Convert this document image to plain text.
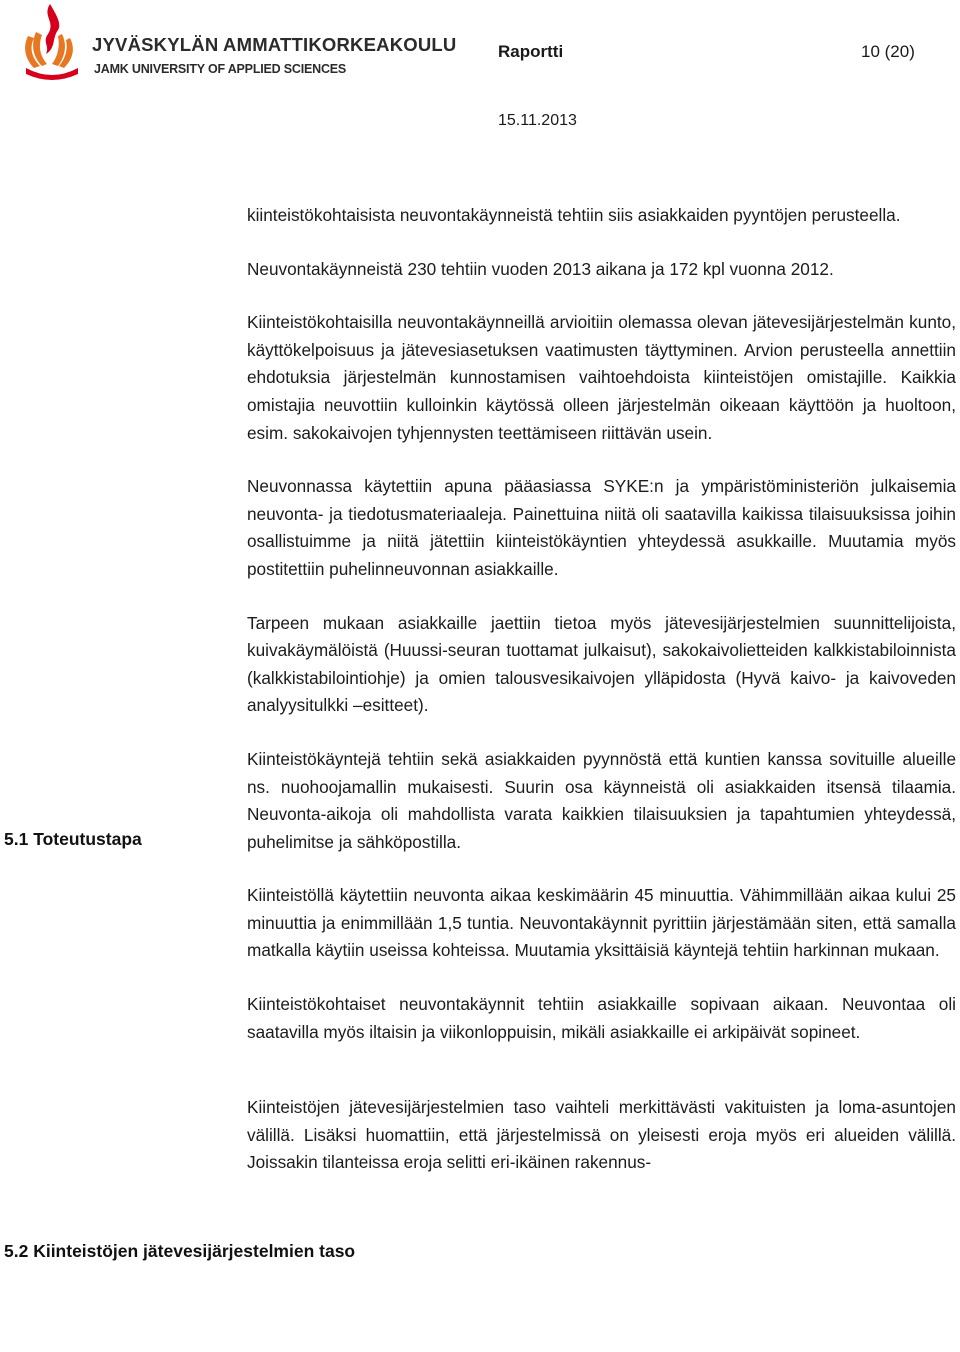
JYVÄSKYLÄN AMMATTIKORKEAKOULU
JAMK UNIVERSITY OF APPLIED SCIENCES
Raportti	10 (20)
15.11.2013
5.1 Toteutustapa
5.2 Kiinteistöjen jätevesijärjestelmien taso

kiinteistökohtaisista neuvontakäynneistä tehtiin siis asiakkaiden pyyntöjen perusteella.

Neuvontakäynneistä 230 tehtiin vuoden 2013 aikana ja 172 kpl vuonna 2012.

Kiinteistökohtaisilla neuvontakäynneillä arvioitiin olemassa olevan jätevesijärjestelmän kunto, käyttökelpoisuus ja jätevesiasetuksen vaatimusten täyttyminen. Arvion perusteella annettiin ehdotuksia järjestelmän kunnostamisen vaihtoehdoista kiinteistöjen omistajille. Kaikkia omistajia neuvottiin kulloinkin käytössä olleen järjestelmän oikeaan käyttöön ja huoltoon, esim. sakokaivojen tyhjennysten teettämiseen riittävän usein.

Neuvonnassa käytettiin apuna pääasiassa SYKE:n ja ympäristöministeriön julkaisemia neuvonta- ja tiedotusmateriaaleja. Painettuina niitä oli saatavilla kaikissa tilaisuuksissa joihin osallistuimme ja niitä jätettiin kiinteistökäyntien yhteydessä asukkaille. Muutamia myös postitettiin puhelinneuvonnan asiakkaille.

Tarpeen mukaan asiakkaille jaettiin tietoa myös jätevesijärjestelmien suunnittelijoista, kuivakäymälöistä (Huussi-seuran tuottamat julkaisut), sakokaivolietteiden kalkkistabiloinnista (kalkkistabilointiohje) ja omien talousvesikaivojen ylläpidosta (Hyvä kaivo- ja kaivoveden analyysitulkki –esitteet).

Kiinteistökäyntejä tehtiin sekä asiakkaiden pyynnöstä että kuntien kanssa sovituille alueille ns. nuohoojamallin mukaisesti. Suurin osa käynneistä oli asiakkaiden itsensä tilaamia. Neuvonta-aikoja oli mahdollista varata kaikkien tilaisuuksien ja tapahtumien yhteydessä, puhelimitse ja sähköpostilla.

Kiinteistöllä käytettiin neuvonta aikaa keskimäärin 45 minuuttia. Vähimmillään aikaa kului 25 minuuttia ja enimmillään 1,5 tuntia. Neuvontakäynnit pyrittiin järjestämään siten, että samalla matkalla käytiin useissa kohteissa. Muutamia yksittäisiä käyntejä tehtiin harkinnan mukaan.

Kiinteistökohtaiset neuvontakäynnit tehtiin asiakkaille sopivaan aikaan. Neuvontaa oli saatavilla myös iltaisin ja viikonloppuisin, mikäli asiakkaille ei arkipäivät sopineet.

Kiinteistöjen jätevesijärjestelmien taso vaihteli merkittävästi vakituisten ja loma-asuntojen välillä. Lisäksi huomattiin, että järjestelmissä on yleisesti eroja myös eri alueiden välillä. Joissakin tilanteissa eroja selitti eri-ikäinen rakennus-
